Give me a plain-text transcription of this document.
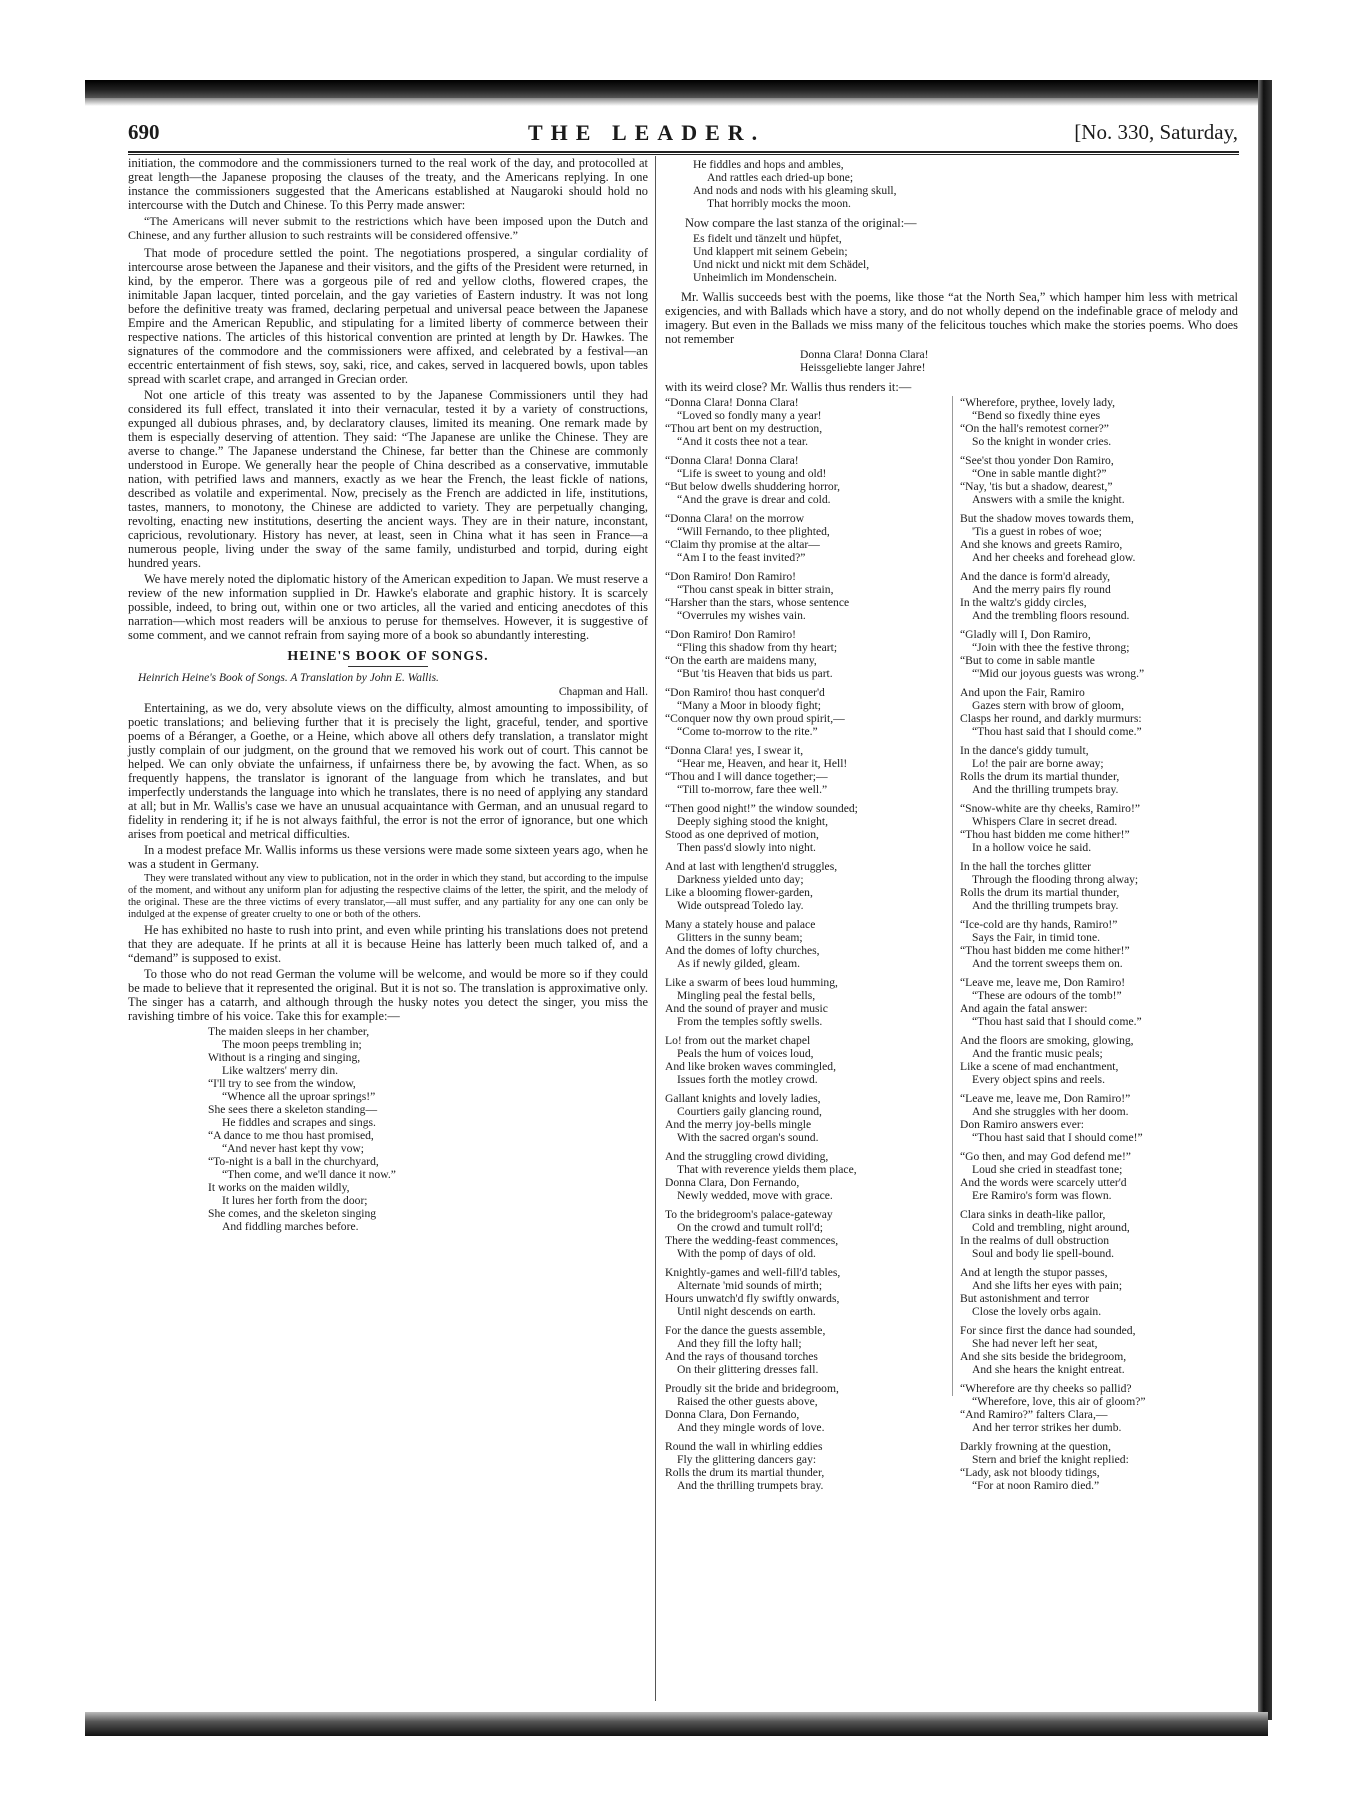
690	THE LEADER.	[No. 330, Saturday,

initiation, the commodore and the commissioners turned to the real work of the day, and protocolled at great length—the Japanese proposing the clauses of the treaty, and the Americans replying. In one instance the commissioners suggested that the Americans established at Naugaroki should hold no intercourse with the Dutch and Chinese. To this Perry made answer:

“The Americans will never submit to the restrictions which have been imposed upon the Dutch and Chinese, and any further allusion to such restraints will be considered offensive.”

That mode of procedure settled the point. The negotiations prospered, a singular cordiality of intercourse arose between the Japanese and their visitors, and the gifts of the President were returned, in kind, by the emperor. There was a gorgeous pile of red and yellow cloths, flowered crapes, the inimitable Japan lacquer, tinted porcelain, and the gay varieties of Eastern industry. It was not long before the definitive treaty was framed, declaring perpetual and universal peace between the Japanese Empire and the American Republic, and stipulating for a limited liberty of commerce between their respective nations. The articles of this historical convention are printed at length by Dr. Hawkes. The signatures of the commodore and the commissioners were affixed, and celebrated by a festival—an eccentric entertainment of fish stews, soy, saki, rice, and cakes, served in lacquered bowls, upon tables spread with scarlet crape, and arranged in Grecian order.

Not one article of this treaty was assented to by the Japanese Commissioners until they had considered its full effect, translated it into their vernacular, tested it by a variety of constructions, expunged all dubious phrases, and, by declaratory clauses, limited its meaning. One remark made by them is especially deserving of attention. They said: “The Japanese are unlike the Chinese. They are averse to change.” The Japanese understand the Chinese, far better than the Chinese are commonly understood in Europe. We generally hear the people of China described as a conservative, immutable nation, with petrified laws and manners, exactly as we hear the French, the least fickle of nations, described as volatile and experimental. Now, precisely as the French are addicted in life, institutions, tastes, manners, to monotony, the Chinese are addicted to variety. They are perpetually changing, revolting, enacting new institutions, deserting the ancient ways. They are in their nature, inconstant, capricious, revolutionary. History has never, at least, seen in China what it has seen in France—a numerous people, living under the sway of the same family, undisturbed and torpid, during eight hundred years.

We have merely noted the diplomatic history of the American expedition to Japan. We must reserve a review of the new information supplied in Dr. Hawke's elaborate and graphic history. It is scarcely possible, indeed, to bring out, within one or two articles, all the varied and enticing anecdotes of this narration—which most readers will be anxious to peruse for themselves. However, it is suggestive of some comment, and we cannot refrain from saying more of a book so abundantly interesting.

HEINE'S BOOK OF SONGS.
Heinrich Heine's Book of Songs. A Translation by John E. Wallis.
Chapman and Hall.

Entertaining, as we do, very absolute views on the difficulty, almost amounting to impossibility, of poetic translations; and believing further that it is precisely the light, graceful, tender, and sportive poems of a Béranger, a Goethe, or a Heine, which above all others defy translation, a translator might justly complain of our judgment, on the ground that we removed his work out of court. This cannot be helped. We can only obviate the unfairness, if unfairness there be, by avowing the fact. When, as so frequently happens, the translator is ignorant of the language from which he translates, and but imperfectly understands the language into which he translates, there is no need of applying any standard at all; but in Mr. Wallis's case we have an unusual acquaintance with German, and an unusual regard to fidelity in rendering it; if he is not always faithful, the error is not the error of ignorance, but one which arises from poetical and metrical difficulties.

In a modest preface Mr. Wallis informs us these versions were made some sixteen years ago, when he was a student in Germany.

They were translated without any view to publication, not in the order in which they stand, but according to the impulse of the moment, and without any uniform plan for adjusting the respective claims of the letter, the spirit, and the melody of the original. These are the three victims of every translator,—all must suffer, and any partiality for any one can only be indulged at the expense of greater cruelty to one or both of the others.

He has exhibited no haste to rush into print, and even while printing his translations does not pretend that they are adequate. If he prints at all it is because Heine has latterly been much talked of, and a “demand” is supposed to exist.

To those who do not read German the volume will be welcome, and would be more so if they could be made to believe that it represented the original. But it is not so. The translation is approximative only. The singer has a catarrh, and although through the husky notes you detect the singer, you miss the ravishing timbre of his voice. Take this for example:—

The maiden sleeps in her chamber,
The moon peeps trembling in;
Without is a ringing and singing,
Like waltzers' merry din.
“I'll try to see from the window,
“Whence all the uproar springs!”
She sees there a skeleton standing—
He fiddles and scrapes and sings.
“A dance to me thou hast promised,
“And never hast kept thy vow;
“To-night is a ball in the churchyard,
“Then come, and we'll dance it now.”
It works on the maiden wildly,
It lures her forth from the door;
She comes, and the skeleton singing
And fiddling marches before.
He fiddles and hops and ambles,
And rattles each dried-up bone;
And nods and nods with his gleaming skull,
That horribly mocks the moon.

Now compare the last stanza of the original:—

Es fidelt und tänzelt und hüpfet,
Und klappert mit seinem Gebein;
Und nickt und nickt mit dem Schädel,
Unheimlich im Mondenschein.

Mr. Wallis succeeds best with the poems, like those “at the North Sea,” which hamper him less with metrical exigencies, and with Ballads which have a story, and do not wholly depend on the indefinable grace of melody and imagery. But even in the Ballads we miss many of the felicitous touches which make the stories poems. Who does not remember

Donna Clara! Donna Clara!
Heissgeliebte langer Jahre!

with its weird close? Mr. Wallis thus renders it:—

“Donna Clara! Donna Clara!
“Loved so fondly many a year!
“Thou art bent on my destruction,
“And it costs thee not a tear.
“Donna Clara! Donna Clara!
“Life is sweet to young and old!
“But below dwells shuddering horror,
“And the grave is drear and cold.
“Donna Clara! on the morrow
“Will Fernando, to thee plighted,
“Claim thy promise at the altar—
“Am I to the feast invited?”
“Don Ramiro! Don Ramiro!
“Thou canst speak in bitter strain,
“Harsher than the stars, whose sentence
“Overrules my wishes vain.
“Don Ramiro! Don Ramiro!
“Fling this shadow from thy heart;
“On the earth are maidens many,
“But 'tis Heaven that bids us part.
“Don Ramiro! thou hast conquer'd
“Many a Moor in bloody fight;
“Conquer now thy own proud spirit,—
“Come to-morrow to the rite.”
“Donna Clara! yes, I swear it,
“Hear me, Heaven, and hear it, Hell!
“Thou and I will dance together;—
“Till to-morrow, fare thee well.”
“Then good night!” the window sounded;
Deeply sighing stood the knight,
Stood as one deprived of motion,
Then pass'd slowly into night.
And at last with lengthen'd struggles,
Darkness yielded unto day;
Like a blooming flower-garden,
Wide outspread Toledo lay.
Many a stately house and palace
Glitters in the sunny beam;
And the domes of lofty churches,
As if newly gilded, gleam.
Like a swarm of bees loud humming,
Mingling peal the festal bells,
And the sound of prayer and music
From the temples softly swells.
Lo! from out the market chapel
Peals the hum of voices loud,
And like broken waves commingled,
Issues forth the motley crowd.
Gallant knights and lovely ladies,
Courtiers gaily glancing round,
And the merry joy-bells mingle
With the sacred organ's sound.
And the struggling crowd dividing,
That with reverence yields them place,
Donna Clara, Don Fernando,
Newly wedded, move with grace.
To the bridegroom's palace-gateway
On the crowd and tumult roll'd;
There the wedding-feast commences,
With the pomp of days of old.
Knightly-games and well-fill'd tables,
Alternate 'mid sounds of mirth;
Hours unwatch'd fly swiftly onwards,
Until night descends on earth.
For the dance the guests assemble,
And they fill the lofty hall;
And the rays of thousand torches
On their glittering dresses fall.
Proudly sit the bride and bridegroom,
Raised the other guests above,
Donna Clara, Don Fernando,
And they mingle words of love.
Round the wall in whirling eddies
Fly the glittering dancers gay:
Rolls the drum its martial thunder,
And the thrilling trumpets bray.
“Wherefore, prythee, lovely lady,
“Bend so fixedly thine eyes
“On the hall's remotest corner?”
So the knight in wonder cries.
“See'st thou yonder Don Ramiro,
“One in sable mantle dight?”
“Nay, 'tis but a shadow, dearest,”
Answers with a smile the knight.
But the shadow moves towards them,
'Tis a guest in robes of woe;
And she knows and greets Ramiro,
And her cheeks and forehead glow.
And the dance is form'd already,
And the merry pairs fly round
In the waltz's giddy circles,
And the trembling floors resound.
“Gladly will I, Don Ramiro,
“Join with thee the festive throng;
“But to come in sable mantle
“'Mid our joyous guests was wrong.”
And upon the Fair, Ramiro
Gazes stern with brow of gloom,
Clasps her round, and darkly murmurs:
“Thou hast said that I should come.”
In the dance's giddy tumult,
Lo! the pair are borne away;
Rolls the drum its martial thunder,
And the thrilling trumpets bray.
“Snow-white are thy cheeks, Ramiro!”
Whispers Clare in secret dread.
“Thou hast bidden me come hither!”
In a hollow voice he said.
In the hall the torches glitter
Through the flooding throng alway;
Rolls the drum its martial thunder,
And the thrilling trumpets bray.
“Ice-cold are thy hands, Ramiro!”
Says the Fair, in timid tone.
“Thou hast bidden me come hither!”
And the torrent sweeps them on.
“Leave me, leave me, Don Ramiro!
“These are odours of the tomb!”
And again the fatal answer:
“Thou hast said that I should come.”
And the floors are smoking, glowing,
And the frantic music peals;
Like a scene of mad enchantment,
Every object spins and reels.
“Leave me, leave me, Don Ramiro!”
And she struggles with her doom.
Don Ramiro answers ever:
“Thou hast said that I should come!”
“Go then, and may God defend me!”
Loud she cried in steadfast tone;
And the words were scarcely utter'd
Ere Ramiro's form was flown.
Clara sinks in death-like pallor,
Cold and trembling, night around,
In the realms of dull obstruction
Soul and body lie spell-bound.
And at length the stupor passes,
And she lifts her eyes with pain;
But astonishment and terror
Close the lovely orbs again.
For since first the dance had sounded,
She had never left her seat,
And she sits beside the bridegroom,
And she hears the knight entreat.
“Wherefore are thy cheeks so pallid?
“Wherefore, love, this air of gloom?”
“And Ramiro?” falters Clara,—
And her terror strikes her dumb.
Darkly frowning at the question,
Stern and brief the knight replied:
“Lady, ask not bloody tidings,
“For at noon Ramiro died.”
